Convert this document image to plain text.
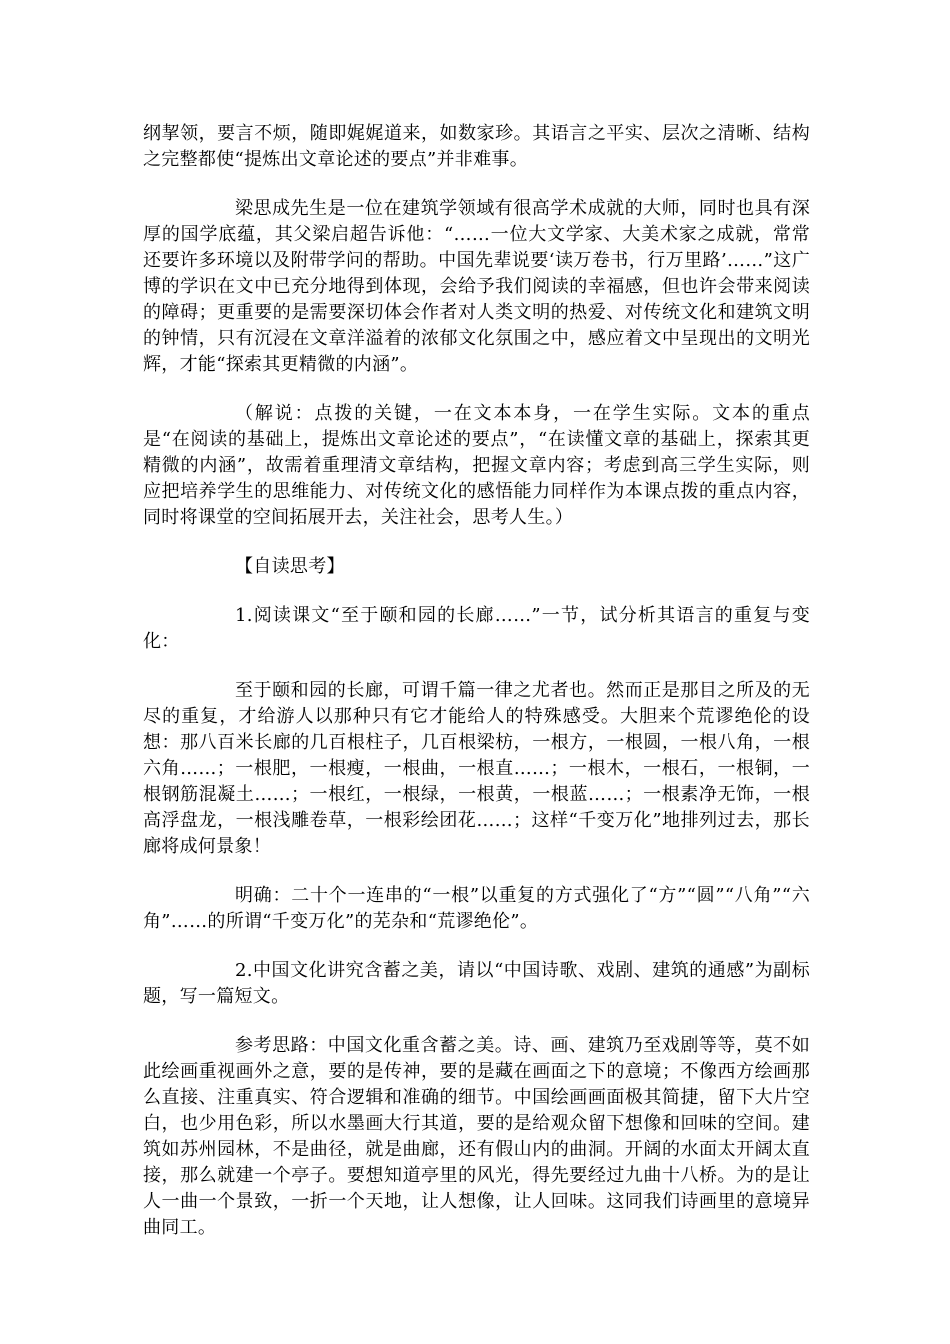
纲挈领，要言不烦，随即娓娓道来，如数家珍。其语言之平实、层次之清晰、结构之完整都使“提炼出文章论述的要点”并非难事。

梁思成先生是一位在建筑学领域有很高学术成就的大师，同时也具有深厚的国学底蕴，其父梁启超告诉他：“……一位大文学家、大美术家之成就，常常还要许多环境以及附带学问的帮助。中国先辈说要‘读万卷书，行万里路’……”这广博的学识在文中已充分地得到体现，会给予我们阅读的幸福感，但也许会带来阅读的障碍；更重要的是需要深切体会作者对人类文明的热爱、对传统文化和建筑文明的钟情，只有沉浸在文章洋溢着的浓郁文化氛围之中，感应着文中呈现出的文明光辉，才能“探索其更精微的内涵”。

（解说：点拨的关键，一在文本本身，一在学生实际。文本的重点是“在阅读的基础上，提炼出文章论述的要点”，“在读懂文章的基础上，探索其更精微的内涵”，故需着重理清文章结构，把握文章内容；考虑到高三学生实际，则应把培养学生的思维能力、对传统文化的感悟能力同样作为本课点拨的重点内容，同时将课堂的空间拓展开去，关注社会，思考人生。）

【自读思考】

1.阅读课文“至于颐和园的长廊……”一节，试分析其语言的重复与变化：

至于颐和园的长廊，可谓千篇一律之尤者也。然而正是那目之所及的无尽的重复，才给游人以那种只有它才能给人的特殊感受。大胆来个荒谬绝伦的设想：那八百米长廊的几百根柱子，几百根梁枋，一根方，一根圆，一根八角，一根六角……；一根肥，一根瘦，一根曲，一根直……；一根木，一根石，一根铜，一根钢筋混凝土……；一根红，一根绿，一根黄，一根蓝……；一根素净无饰，一根高浮盘龙，一根浅雕卷草，一根彩绘团花……；这样“千变万化”地排列过去，那长廊将成何景象！

明确：二十个一连串的“一根”以重复的方式强化了“方”“圆”“八角”“六角”……的所谓“千变万化”的芜杂和“荒谬绝伦”。

2.中国文化讲究含蓄之美，请以“中国诗歌、戏剧、建筑的通感”为副标题，写一篇短文。

参考思路：中国文化重含蓄之美。诗、画、建筑乃至戏剧等等，莫不如此绘画重视画外之意，要的是传神，要的是藏在画面之下的意境；不像西方绘画那么直接、注重真实、符合逻辑和准确的细节。中国绘画画面极其简捷，留下大片空白，也少用色彩，所以水墨画大行其道，要的是给观众留下想像和回味的空间。建筑如苏州园林，不是曲径，就是曲廊，还有假山内的曲洞。开阔的水面太开阔太直接，那么就建一个亭子。要想知道亭里的风光，得先要经过九曲十八桥。为的是让人一曲一个景致，一折一个天地，让人想像，让人回味。这同我们诗画里的意境异曲同工。
